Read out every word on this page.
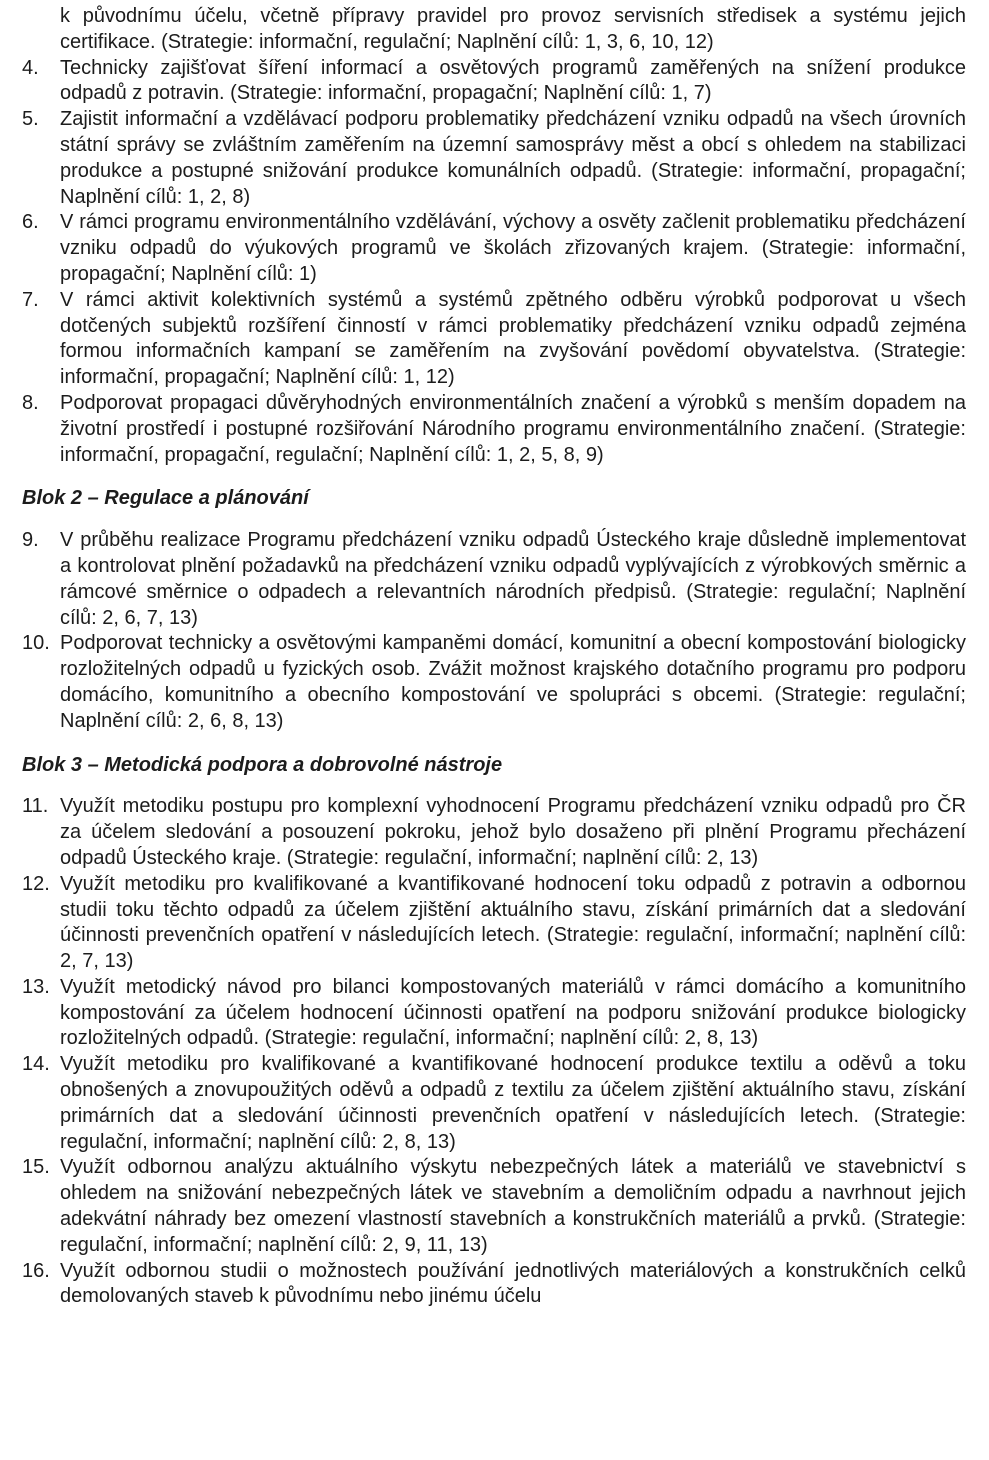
k původnímu účelu, včetně přípravy pravidel pro provoz servisních středisek a systému jejich certifikace. (Strategie: informační, regulační; Naplnění cílů: 1, 3, 6, 10, 12)
4.	Technicky zajišťovat šíření informací a osvětových programů zaměřených na snížení produkce odpadů z potravin. (Strategie: informační, propagační; Naplnění cílů: 1, 7)
5.	Zajistit informační a vzdělávací podporu problematiky předcházení vzniku odpadů na všech úrovních státní správy se zvláštním zaměřením na územní samosprávy měst a obcí s ohledem na stabilizaci produkce a postupné snižování produkce komunálních odpadů. (Strategie: informační, propagační; Naplnění cílů: 1, 2, 8)
6.	V rámci programu environmentálního vzdělávání, výchovy a osvěty začlenit problematiku předcházení vzniku odpadů do výukových programů ve školách zřizovaných krajem. (Strategie: informační, propagační; Naplnění cílů: 1)
7.	V rámci aktivit kolektivních systémů a systémů zpětného odběru výrobků podporovat u všech dotčených subjektů rozšíření činností v rámci problematiky předcházení vzniku odpadů zejména formou informačních kampaní se zaměřením na zvyšování povědomí obyvatelstva. (Strategie: informační, propagační; Naplnění cílů: 1, 12)
8.	Podporovat propagaci důvěryhodných environmentálních značení a výrobků s menším dopadem na životní prostředí i postupné rozšiřování Národního programu environmentálního značení. (Strategie: informační, propagační, regulační; Naplnění cílů: 1, 2, 5, 8, 9)
Blok 2 – Regulace a plánování
9.	V průběhu realizace Programu předcházení vzniku odpadů Ústeckého kraje důsledně implementovat a kontrolovat plnění požadavků na předcházení vzniku odpadů vyplývajících z výrobkových směrnic a rámcové směrnice o odpadech a relevantních národních předpisů. (Strategie: regulační; Naplnění cílů: 2, 6, 7, 13)
10. Podporovat technicky a osvětovými kampaněmi domácí, komunitní a obecní kompostování biologicky rozložitelných odpadů u fyzických osob. Zvážit možnost krajského dotačního programu pro podporu domácího, komunitního a obecního kompostování ve spolupráci s obcemi. (Strategie: regulační; Naplnění cílů: 2, 6, 8, 13)
Blok 3 – Metodická podpora a dobrovolné nástroje
11. Využít metodiku postupu pro komplexní vyhodnocení Programu předcházení vzniku odpadů pro ČR za účelem sledování a posouzení pokroku, jehož bylo dosaženo při plnění Programu přecházení odpadů Ústeckého kraje. (Strategie: regulační, informační; naplnění cílů: 2, 13)
12. Využít metodiku pro kvalifikované a kvantifikované hodnocení toku odpadů z potravin a odbornou studii toku těchto odpadů za účelem zjištění aktuálního stavu, získání primárních dat a sledování účinnosti prevenčních opatření v následujících letech. (Strategie: regulační, informační; naplnění cílů: 2, 7, 13)
13. Využít metodický návod pro bilanci kompostovaných materiálů v rámci domácího a komunitního kompostování za účelem hodnocení účinnosti opatření na podporu snižování produkce biologicky rozložitelných odpadů. (Strategie: regulační, informační; naplnění cílů: 2, 8, 13)
14. Využít metodiku pro kvalifikované a kvantifikované hodnocení produkce textilu a oděvů a toku obnošených a znovupoužitých oděvů a odpadů z textilu za účelem zjištění aktuálního stavu, získání primárních dat a sledování účinnosti prevenčních opatření v následujících letech. (Strategie: regulační, informační; naplnění cílů: 2, 8, 13)
15. Využít odbornou analýzu aktuálního výskytu nebezpečných látek a materiálů ve stavebnictví s ohledem na snižování nebezpečných látek ve stavebním a demoličním odpadu a navrhnout jejich adekvátní náhrady bez omezení vlastností stavebních a konstrukčních materiálů a prvků. (Strategie: regulační, informační; naplnění cílů: 2, 9, 11, 13)
16. Využít odbornou studii o možnostech používání jednotlivých materiálových a konstrukčních celků demolovaných staveb k původnímu nebo jinému účelu
